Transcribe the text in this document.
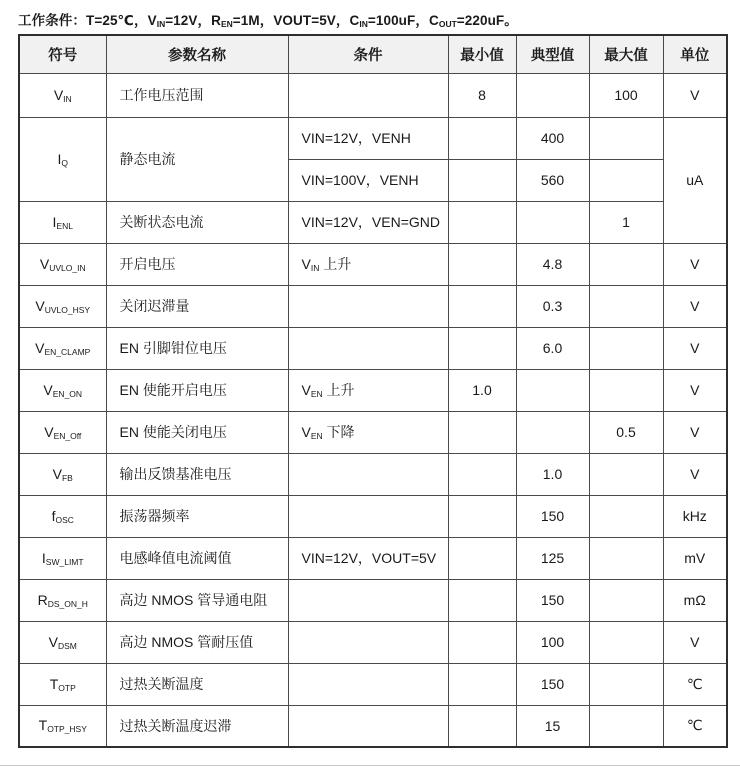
工作条件：T=25℃，$V_{IN}=12V$，$R_{EN}=1M$，VOUT=5V，$C_{IN}=100uF$，$C_{OUT}=220uF$。
符号	参数名称	条件	最小值	典型值	最大值	单位
$V_{IN}$	工作电压范围		8		100	V
$I_Q$	静态电流	VIN=12V，VENH		400		uA
		VIN=100V，VENH		560		
$I_{ENL}$	关断状态电流	VIN=12V，VEN=GND			1	
$V_{UVLO\_IN}$	开启电压	$V_{IN}$ 上升		4.8		V
$V_{UVLO\_HSY}$	关闭迟滞量			0.3		V
$V_{EN\_CLAMP}$	EN 引脚钳位电压			6.0		V
$V_{EN\_ON}$	EN 使能开启电压	$V_{EN}$ 上升	1.0			V
$V_{EN\_Off}$	EN 使能关闭电压	$V_{EN}$ 下降			0.5	V
$V_{FB}$	输出反馈基准电压			1.0		V
$f_{OSC}$	振荡器频率			150		kHz
$I_{SW\_LIMT}$	电感峰值电流阈值	VIN=12V，VOUT=5V		125		mV
$R_{DS\_ON\_H}$	高边 NMOS 管导通电阻			150		mΩ
$V_{DSM}$	高边 NMOS 管耐压值			100		V
$T_{OTP}$	过热关断温度			150		℃
$T_{OTP\_HSY}$	过热关断温度迟滞			15		℃
